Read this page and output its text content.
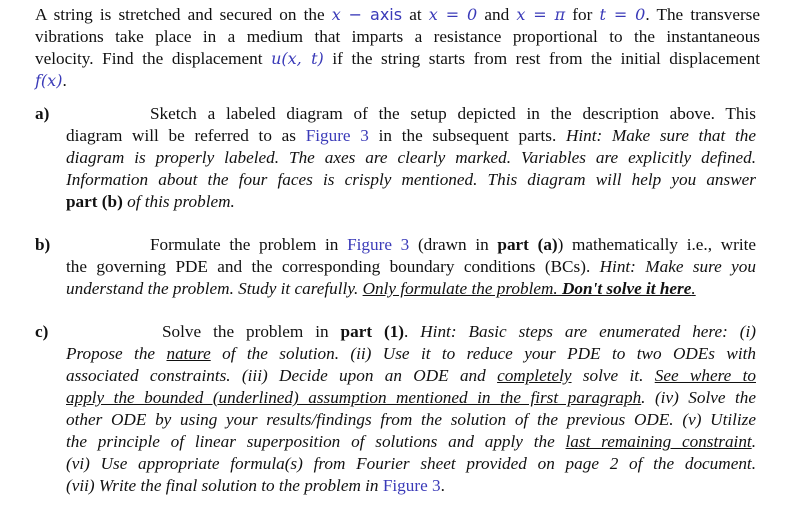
A string is stretched and secured on the x − axis at x = 0 and x = π for t = 0. The transverse
vibrations take place in a medium that imparts a resistance proportional to the instantaneous
velocity. Find the displacement u(x, t) if the string starts from rest from the initial displacement
f(x).
a)	Sketch a labeled diagram of the setup depicted in the description above. This
diagram will be referred to as Figure 3 in the subsequent parts. Hint: Make sure that the
diagram is properly labeled. The axes are clearly marked. Variables are explicitly defined.
Information about the four faces is crisply mentioned. This diagram will help you answer
part (b) of this problem.
b)	Formulate the problem in Figure 3 (drawn in part (a)) mathematically i.e., write
the governing PDE and the corresponding boundary conditions (BCs). Hint: Make sure you
understand the problem. Study it carefully. Only formulate the problem. Don't solve it here.
c)	Solve the problem in part (1). Hint: Basic steps are enumerated here: (i)
Propose the nature of the solution. (ii) Use it to reduce your PDE to two ODEs with
associated constraints. (iii) Decide upon an ODE and completely solve it. See where to
apply the bounded (underlined) assumption mentioned in the first paragraph. (iv) Solve the
other ODE by using your results/findings from the solution of the previous ODE. (v) Utilize
the principle of linear superposition of solutions and apply the last remaining constraint.
(vi) Use appropriate formula(s) from Fourier sheet provided on page 2 of the document.
(vii) Write the final solution to the problem in Figure 3.
